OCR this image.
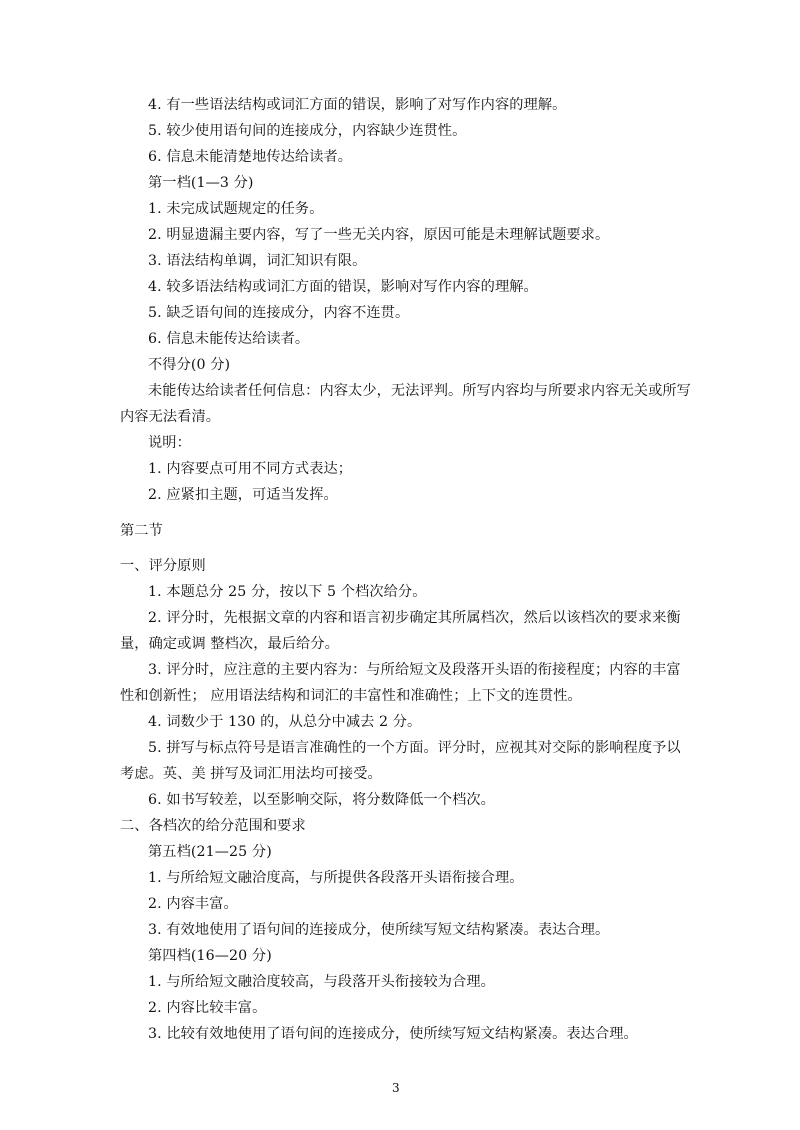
4. 有一些语法结构或词汇方面的错误，影响了对写作内容的理解。
5. 较少使用语句间的连接成分，内容缺少连贯性。
6. 信息未能清楚地传达给读者。
第一档(1—3 分)
1. 未完成试题规定的任务。
2. 明显遗漏主要内容，写了一些无关内容，原因可能是未理解试题要求。
3. 语法结构单调，词汇知识有限。
4. 较多语法结构或词汇方面的错误，影响对写作内容的理解。
5. 缺乏语句间的连接成分，内容不连贯。
6. 信息未能传达给读者。
不得分(0 分)
未能传达给读者任何信息：内容太少，无法评判。所写内容均与所要求内容无关或所写
内容无法看清。
说明：
1. 内容要点可用不同方式表达；
2. 应紧扣主题，可适当发挥。
第二节
一、评分原则
1. 本题总分 25 分，按以下 5 个档次给分。
2. 评分时，先根据文章的内容和语言初步确定其所属档次，然后以该档次的要求来衡
量，确定或调 整档次，最后给分。
3. 评分时，应注意的主要内容为：与所给短文及段落开头语的衔接程度；内容的丰富
性和创新性； 应用语法结构和词汇的丰富性和准确性；上下文的连贯性。
4. 词数少于 130 的，从总分中减去 2 分。
5. 拼写与标点符号是语言准确性的一个方面。评分时，应视其对交际的影响程度予以
考虑。英、美 拼写及词汇用法均可接受。
6. 如书写较差，以至影响交际，将分数降低一个档次。
二、各档次的给分范围和要求
第五档(21—25 分)
1. 与所给短文融洽度高，与所提供各段落开头语衔接合理。
2. 内容丰富。
3. 有效地使用了语句间的连接成分，使所续写短文结构紧凑。表达合理。
第四档(16—20 分)
1. 与所给短文融洽度较高，与段落开头衔接较为合理。
2. 内容比较丰富。
3. 比较有效地使用了语句间的连接成分，使所续写短文结构紧凑。表达合理。
3
